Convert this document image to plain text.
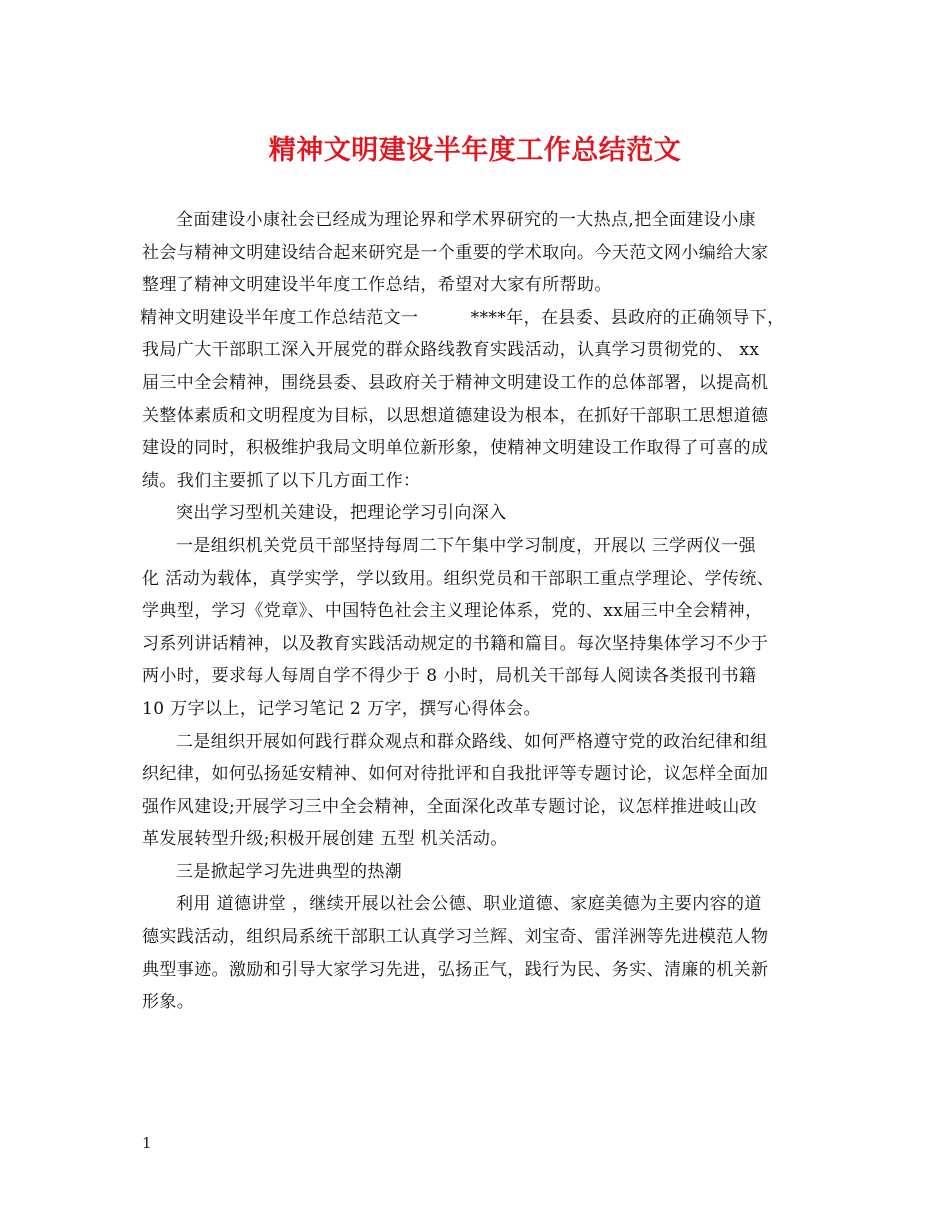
精神文明建设半年度工作总结范文
全面建设小康社会已经成为理论界和学术界研究的一大热点,把全面建设小康
社会与精神文明建设结合起来研究是一个重要的学术取向。今天范文网小编给大家
整理了精神文明建设半年度工作总结，希望对大家有所帮助。
精神文明建设半年度工作总结范文一　　　****年，在县委、县政府的正确领导下，
我局广大干部职工深入开展党的群众路线教育实践活动，认真学习贯彻党的、 xx
届三中全会精神，围绕县委、县政府关于精神文明建设工作的总体部署，以提高机
关整体素质和文明程度为目标，以思想道德建设为根本，在抓好干部职工思想道德
建设的同时，积极维护我局文明单位新形象，使精神文明建设工作取得了可喜的成
绩。我们主要抓了以下几方面工作：
突出学习型机关建设，把理论学习引向深入
一是组织机关党员干部坚持每周二下午集中学习制度，开展以 三学两仪一强
化 活动为载体，真学实学，学以致用。组织党员和干部职工重点学理论、学传统、
学典型，学习《党章》、中国特色社会主义理论体系，党的、xx届三中全会精神，
习系列讲话精神，以及教育实践活动规定的书籍和篇目。每次坚持集体学习不少于
两小时，要求每人每周自学不得少于 8 小时，局机关干部每人阅读各类报刊书籍
10 万字以上，记学习笔记 2 万字，撰写心得体会。
二是组织开展如何践行群众观点和群众路线、如何严格遵守党的政治纪律和组
织纪律，如何弘扬延安精神、如何对待批评和自我批评等专题讨论，议怎样全面加
强作风建设;开展学习三中全会精神，全面深化改革专题讨论，议怎样推进岐山改
革发展转型升级;积极开展创建 五型 机关活动。
三是掀起学习先进典型的热潮
利用 道德讲堂 ，继续开展以社会公德、职业道德、家庭美德为主要内容的道
德实践活动，组织局系统干部职工认真学习兰辉、刘宝奇、雷洋洲等先进模范人物
典型事迹。激励和引导大家学习先进，弘扬正气，践行为民、务实、清廉的机关新
形象。
1
